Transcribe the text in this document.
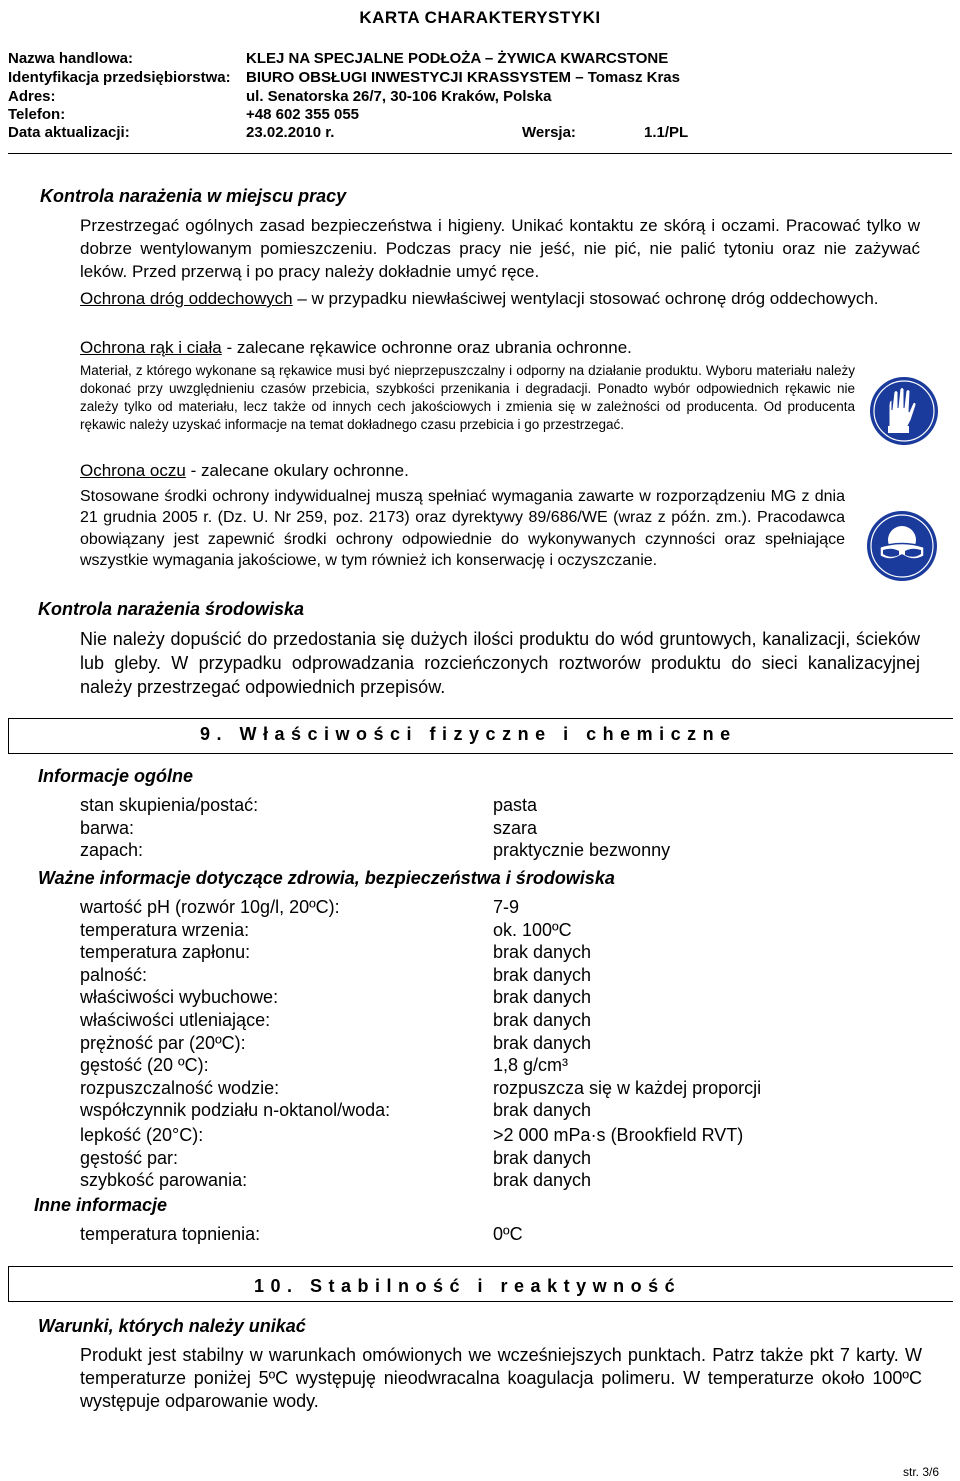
KARTA CHARAKTERYSTYKI
Nazwa handlowa:	KLEJ NA SPECJALNE PODŁOŻA – ŻYWICA KWARCSTONE
Identyfikacja przedsiębiorstwa: BIURO OBSŁUGI INWESTYCJI KRASSYSTEM – Tomasz Kras
Adres:	ul. Senatorska 26/7, 30-106 Kraków, Polska
Telefon:	+48 602 355 055
Data aktualizacji:	23.02.2010 r.	Wersja:	1.1/PL
Kontrola narażenia w miejscu pracy
Przestrzegać ogólnych zasad bezpieczeństwa i higieny. Unikać kontaktu ze skórą i oczami. Pracować tylko w dobrze wentylowanym pomieszczeniu. Podczas pracy nie jeść, nie pić, nie palić tytoniu oraz nie zażywać leków. Przed przerwą i po pracy należy dokładnie umyć ręce.
Ochrona dróg oddechowych – w przypadku niewłaściwej wentylacji stosować ochronę dróg oddechowych.
Ochrona rąk i ciała - zalecane rękawice ochronne oraz ubrania ochronne.
Materiał, z którego wykonane są rękawice musi być nieprzepuszczalny i odporny na działanie produktu. Wyboru materiału należy dokonać przy uwzględnieniu czasów przebicia, szybkości przenikania i degradacji. Ponadto wybór odpowiednich rękawic nie zależy tylko od materiału, lecz także od innych cech jakościowych i zmienia się w zależności od producenta. Od producenta rękawic należy uzyskać informacje na temat dokładnego czasu przebicia i go przestrzegać.
Ochrona oczu - zalecane okulary ochronne.
Stosowane środki ochrony indywidualnej muszą spełniać wymagania zawarte w rozporządzeniu MG z dnia 21 grudnia 2005 r. (Dz. U. Nr 259, poz. 2173) oraz dyrektywy 89/686/WE (wraz z późn. zm.). Pracodawca obowiązany jest zapewnić środki ochrony odpowiednie do wykonywanych czynności oraz spełniające wszystkie wymagania jakościowe, w tym również ich konserwację i oczyszczanie.
Kontrola narażenia środowiska
Nie należy dopuścić do przedostania się dużych ilości produktu do wód gruntowych, kanalizacji, ścieków lub gleby. W przypadku odprowadzania rozcieńczonych roztworów produktu do sieci kanalizacyjnej należy przestrzegać odpowiednich przepisów.
9. Właściwości fizyczne i chemiczne
Informacje ogólne
stan skupienia/postać:	pasta
barwa:	szara
zapach:	praktycznie bezwonny
Ważne informacje dotyczące zdrowia, bezpieczeństwa i środowiska
wartość pH (rozwór 10g/l, 20ºC):	7-9
temperatura wrzenia:	ok. 100ºC
temperatura zapłonu:	brak danych
palność:	brak danych
właściwości wybuchowe:	brak danych
właściwości utleniające:	brak danych
prężność par (20ºC):	brak danych
gęstość (20 ºC):	1,8 g/cm³
rozpuszczalność wodzie:	rozpuszcza się w każdej proporcji
współczynnik podziału n-oktanol/woda:	brak danych
lepkość (20°C):	>2 000 mPa·s (Brookfield RVT)
gęstość par:	brak danych
szybkość parowania:	brak danych
Inne informacje
temperatura topnienia:	0ºC
10. Stabilność i reaktywność
Warunki, których należy unikać
Produkt jest stabilny w warunkach omówionych we wcześniejszych punktach. Patrz także pkt 7 karty. W temperaturze poniżej 5ºC występuję nieodwracalna koagulacja polimeru. W temperaturze około 100ºC występuje odparowanie wody.
str. 3/6
